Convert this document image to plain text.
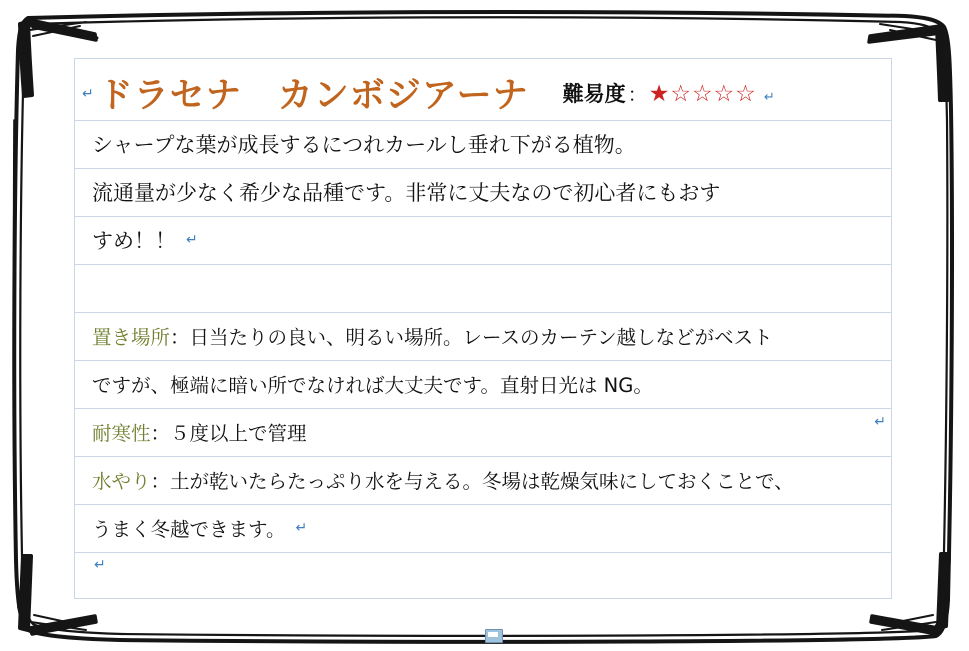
↵ ドラセナ　カンボジアーナ 難易度 ： ★☆☆☆☆ ↵
シャープな葉が成長するにつれカールし垂れ下がる植物。
流通量が少なく希少な品種です。非常に丈夫なので初心者にもおす
すめ！！ ↵
置き場所 ： 日当たりの良い、明るい場所。レースのカーテン越しなどがベスト
ですが、極端に暗い所でなければ大丈夫です。直射日光は NG。
耐寒性 ： ５度以上で管理
水やり ： 土が乾いたらたっぷり水を与える。冬場は乾燥気味にしておくことで、
うまく冬越できます。 ↵
↵
↵
